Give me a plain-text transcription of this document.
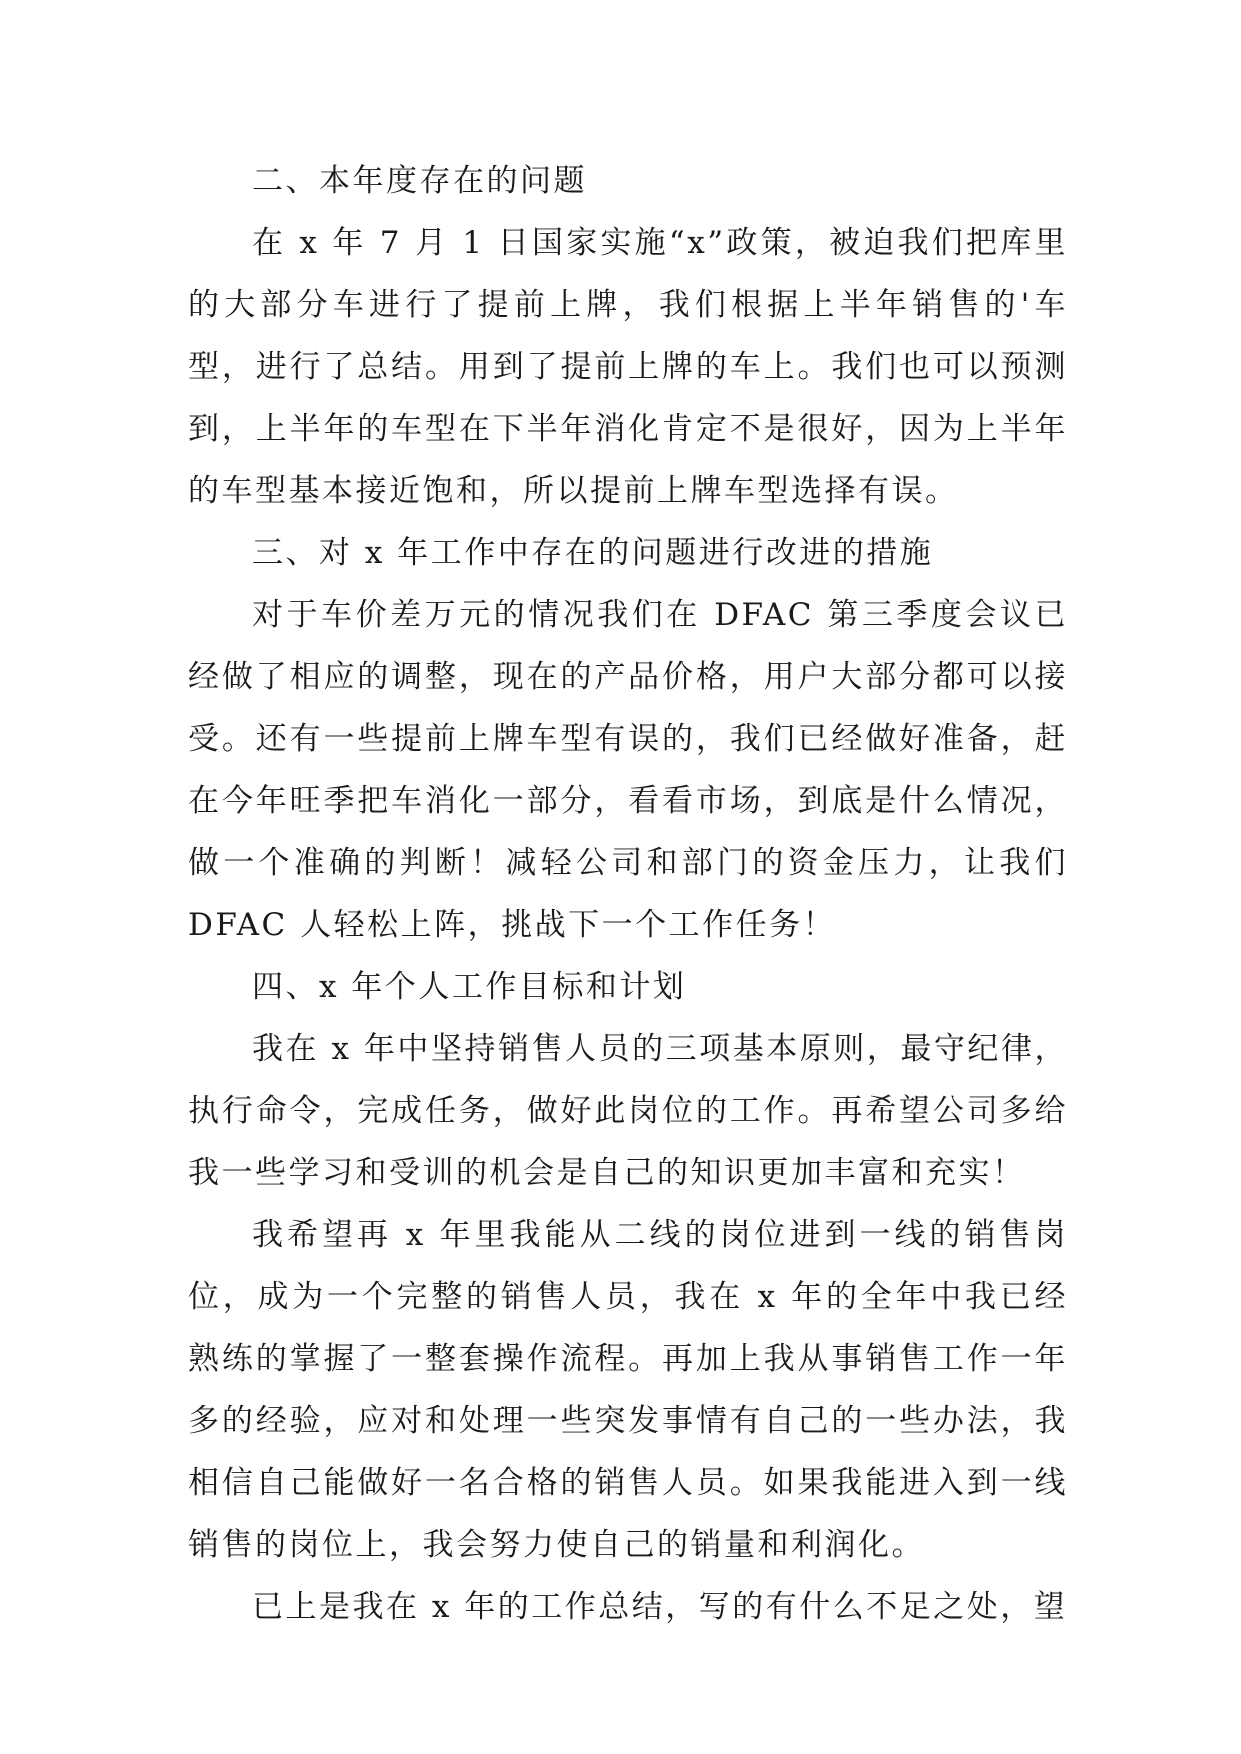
二、本年度存在的问题

在 x 年 7 月 1 日国家实施“x”政策，被迫我们把库里的大部分车进行了提前上牌，我们根据上半年销售的'车型，进行了总结。用到了提前上牌的车上。我们也可以预测到，上半年的车型在下半年消化肯定不是很好，因为上半年的车型基本接近饱和，所以提前上牌车型选择有误。

三、对 x 年工作中存在的问题进行改进的措施

对于车价差万元的情况我们在 DFAC 第三季度会议已经做了相应的调整，现在的产品价格，用户大部分都可以接受。还有一些提前上牌车型有误的，我们已经做好准备，赶在今年旺季把车消化一部分，看看市场，到底是什么情况，做一个准确的判断！减轻公司和部门的资金压力，让我们 DFAC 人轻松上阵，挑战下一个工作任务！

四、x 年个人工作目标和计划

我在 x 年中坚持销售人员的三项基本原则，最守纪律，执行命令，完成任务，做好此岗位的工作。再希望公司多给我一些学习和受训的机会是自己的知识更加丰富和充实！

我希望再 x 年里我能从二线的岗位进到一线的销售岗位，成为一个完整的销售人员，我在 x 年的全年中我已经熟练的掌握了一整套操作流程。再加上我从事销售工作一年多的经验，应对和处理一些突发事情有自己的一些办法，我相信自己能做好一名合格的销售人员。如果我能进入到一线销售的岗位上，我会努力使自己的销量和利润化。

已上是我在 x 年的工作总结，写的有什么不足之处，望
